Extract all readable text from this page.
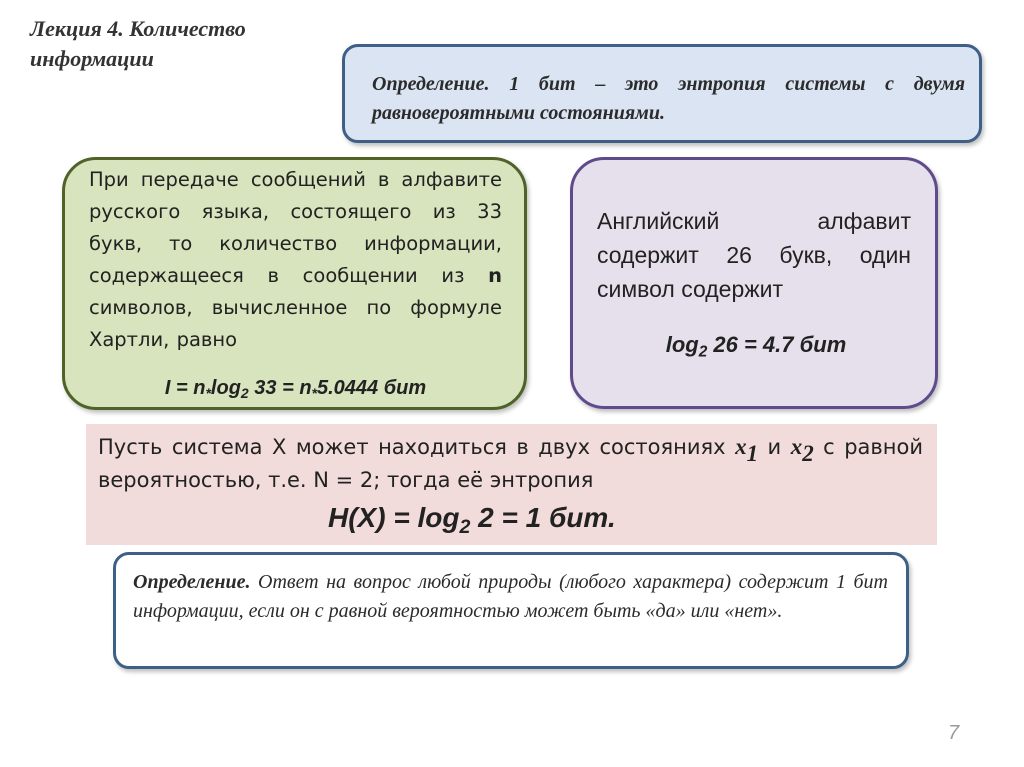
Лекция 4. Количество информации
Определение. 1 бит – это энтропия системы с двумя равновероятными состояниями.
При передаче сообщений в алфавите русского языка, состоящего из 33 букв, то количество информации, содержащееся в сообщении из n символов, вычисленное по формуле Хартли, равно
$I = n_*\log_2$ $33 = n_*5.0444$ бит
Английский алфавит содержит 26 букв, один символ содержит
$\log_2 26 = 4.7$ бит
Пусть система X может находиться в двух состояниях $x_1$ и $x_2$ с равной вероятностью, т.е. N = 2; тогда её энтропия
$H(X) = \log_2 2 = 1$ бит.
Определение. Ответ на вопрос любой природы (любого характера) содержит 1 бит информации, если он с равной вероятностью может быть «да» или «нет».
7
